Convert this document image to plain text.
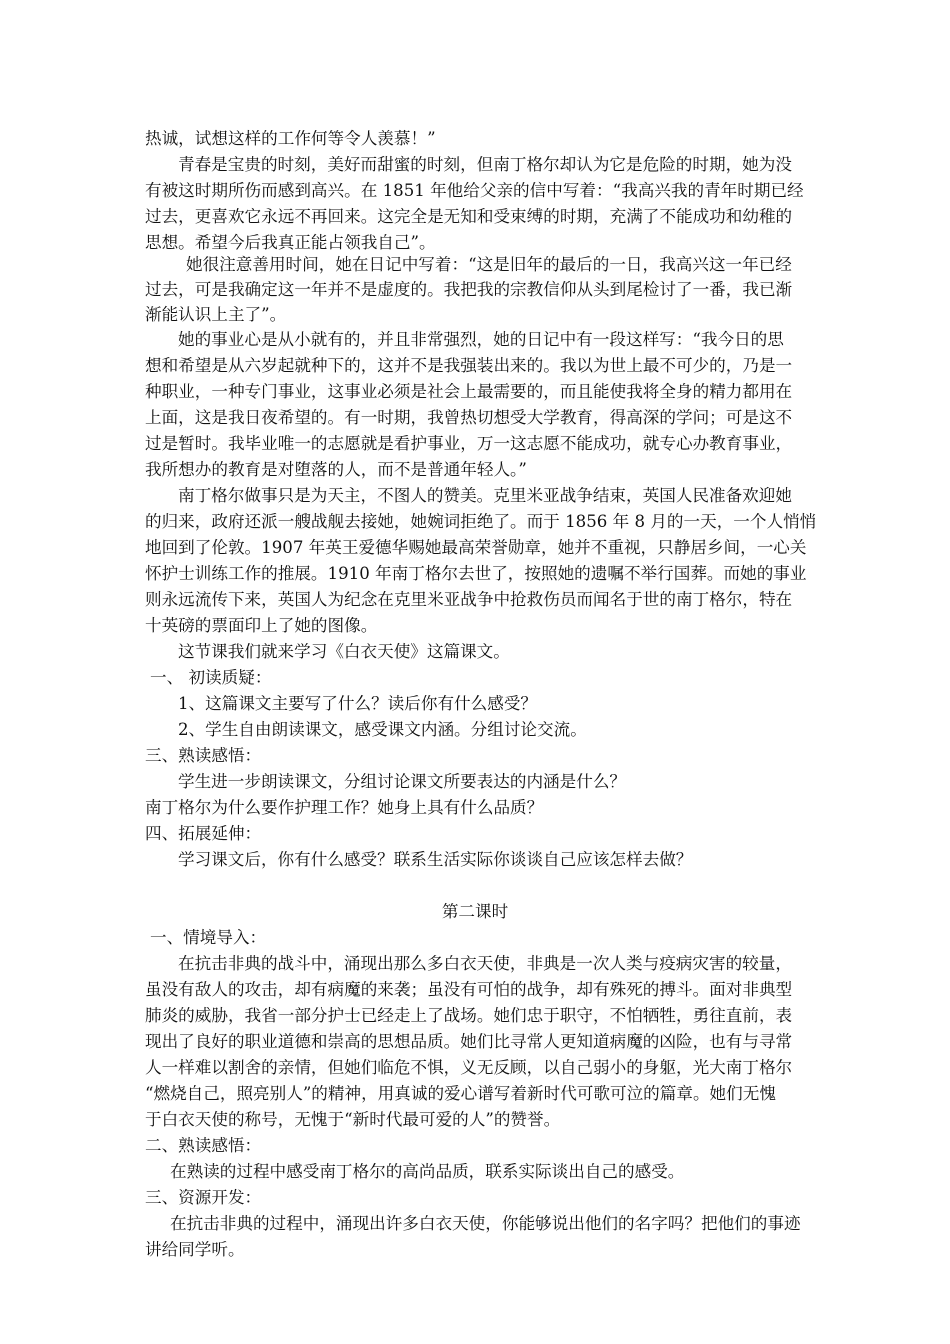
热诚，试想这样的工作何等令人羡慕！”
青春是宝贵的时刻，美好而甜蜜的时刻，但南丁格尔却认为它是危险的时期，她为没
有被这时期所伤而感到高兴。在 1851 年他给父亲的信中写着：“我高兴我的青年时期已经
过去，更喜欢它永远不再回来。这完全是无知和受束缚的时期，充满了不能成功和幼稚的
思想。希望今后我真正能占领我自己”。
她很注意善用时间，她在日记中写着：“这是旧年的最后的一日，我高兴这一年已经
过去，可是我确定这一年并不是虚度的。我把我的宗教信仰从头到尾检讨了一番，我已渐
渐能认识上主了”。
她的事业心是从小就有的，并且非常强烈，她的日记中有一段这样写：“我今日的思
想和希望是从六岁起就种下的，这并不是我强装出来的。我以为世上最不可少的，乃是一
种职业，一种专门事业，这事业必须是社会上最需要的，而且能使我将全身的精力都用在
上面，这是我日夜希望的。有一时期，我曾热切想受大学教育，得高深的学问；可是这不
过是暂时。我毕业唯一的志愿就是看护事业，万一这志愿不能成功，就专心办教育事业，
我所想办的教育是对堕落的人，而不是普通年轻人。”
南丁格尔做事只是为天主，不图人的赞美。克里米亚战争结束，英国人民准备欢迎她
的归来，政府还派一艘战舰去接她，她婉词拒绝了。而于 1856 年 8 月的一天，一个人悄悄
地回到了伦敦。1907 年英王爱德华赐她最高荣誉勋章，她并不重视，只静居乡间，一心关
怀护士训练工作的推展。1910 年南丁格尔去世了，按照她的遗嘱不举行国葬。而她的事业
则永远流传下来，英国人为纪念在克里米亚战争中抢救伤员而闻名于世的南丁格尔，特在
十英磅的票面印上了她的图像。
这节课我们就来学习《白衣天使》这篇课文。
一、 初读质疑：
1、这篇课文主要写了什么？读后你有什么感受？
2、学生自由朗读课文，感受课文内涵。分组讨论交流。
三、熟读感悟：
学生进一步朗读课文，分组讨论课文所要表达的内涵是什么？
南丁格尔为什么要作护理工作？她身上具有什么品质？
四、拓展延伸：
学习课文后，你有什么感受？联系生活实际你谈谈自己应该怎样去做？
第二课时
一、情境导入：
在抗击非典的战斗中，涌现出那么多白衣天使，非典是一次人类与疫病灾害的较量，
虽没有敌人的攻击，却有病魔的来袭；虽没有可怕的战争，却有殊死的搏斗。面对非典型
肺炎的威胁，我省一部分护士已经走上了战场。她们忠于职守，不怕牺牲，勇往直前，表
现出了良好的职业道德和崇高的思想品质。她们比寻常人更知道病魔的凶险，也有与寻常
人一样难以割舍的亲情，但她们临危不惧，义无反顾，以自己弱小的身躯，光大南丁格尔
“燃烧自己，照亮别人”的精神，用真诚的爱心谱写着新时代可歌可泣的篇章。她们无愧
于白衣天使的称号，无愧于“新时代最可爱的人”的赞誉。
二、熟读感悟：
在熟读的过程中感受南丁格尔的高尚品质，联系实际谈出自己的感受。
三、资源开发：
在抗击非典的过程中，涌现出许多白衣天使，你能够说出他们的名字吗？把他们的事迹
讲给同学听。
